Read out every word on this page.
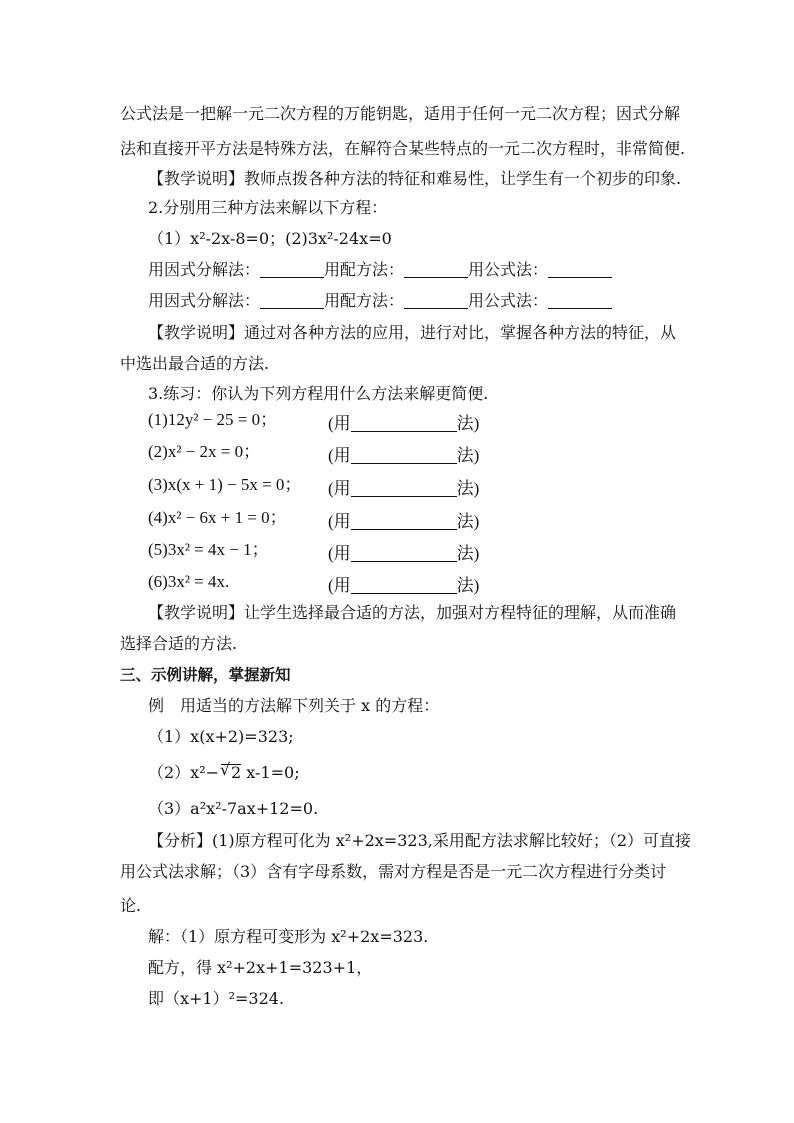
公式法是一把解一元二次方程的万能钥匙，适用于任何一元二次方程；因式分解
法和直接开平方法是特殊方法，在解符合某些特点的一元二次方程时，非常简便.
【教学说明】教师点拨各种方法的特征和难易性，让学生有一个初步的印象.
2.分别用三种方法来解以下方程：
（1）x²-2x-8=0；(2)3x²-24x=0
用因式分解法：	用配方法：	用公式法：
用因式分解法：	用配方法：	用公式法：
【教学说明】通过对各种方法的应用，进行对比，掌握各种方法的特征，从
中选出最合适的方法.
3.练习：你认为下列方程用什么方法来解更简便.
(1)12y² − 25 = 0；	(用	法)
(2)x² − 2x = 0；	(用	法)
(3)x(x + 1) − 5x = 0； (用	法)
(4)x² − 6x + 1 = 0； (用	法)
(5)3x² = 4x − 1；	(用	法)
(6)3x² = 4x.	(用	法)
【教学说明】让学生选择最合适的方法，加强对方程特征的理解，从而准确
选择合适的方法.
三、示例讲解，掌握新知
例　用适当的方法解下列关于 x 的方程：
（1）x(x+2)=323;
（2）x²−√ 2 x-1=0;
（3）a²x²-7ax+12=0.
【分析】(1)原方程可化为 x²+2x=323,采用配方法求解比较好；（2）可直接
用公式法求解；（3）含有字母系数，需对方程是否是一元二次方程进行分类讨
论.
解：（1）原方程可变形为 x²+2x=323.
配方，得 x²+2x+1=323+1，
即（x+1）²=324.
